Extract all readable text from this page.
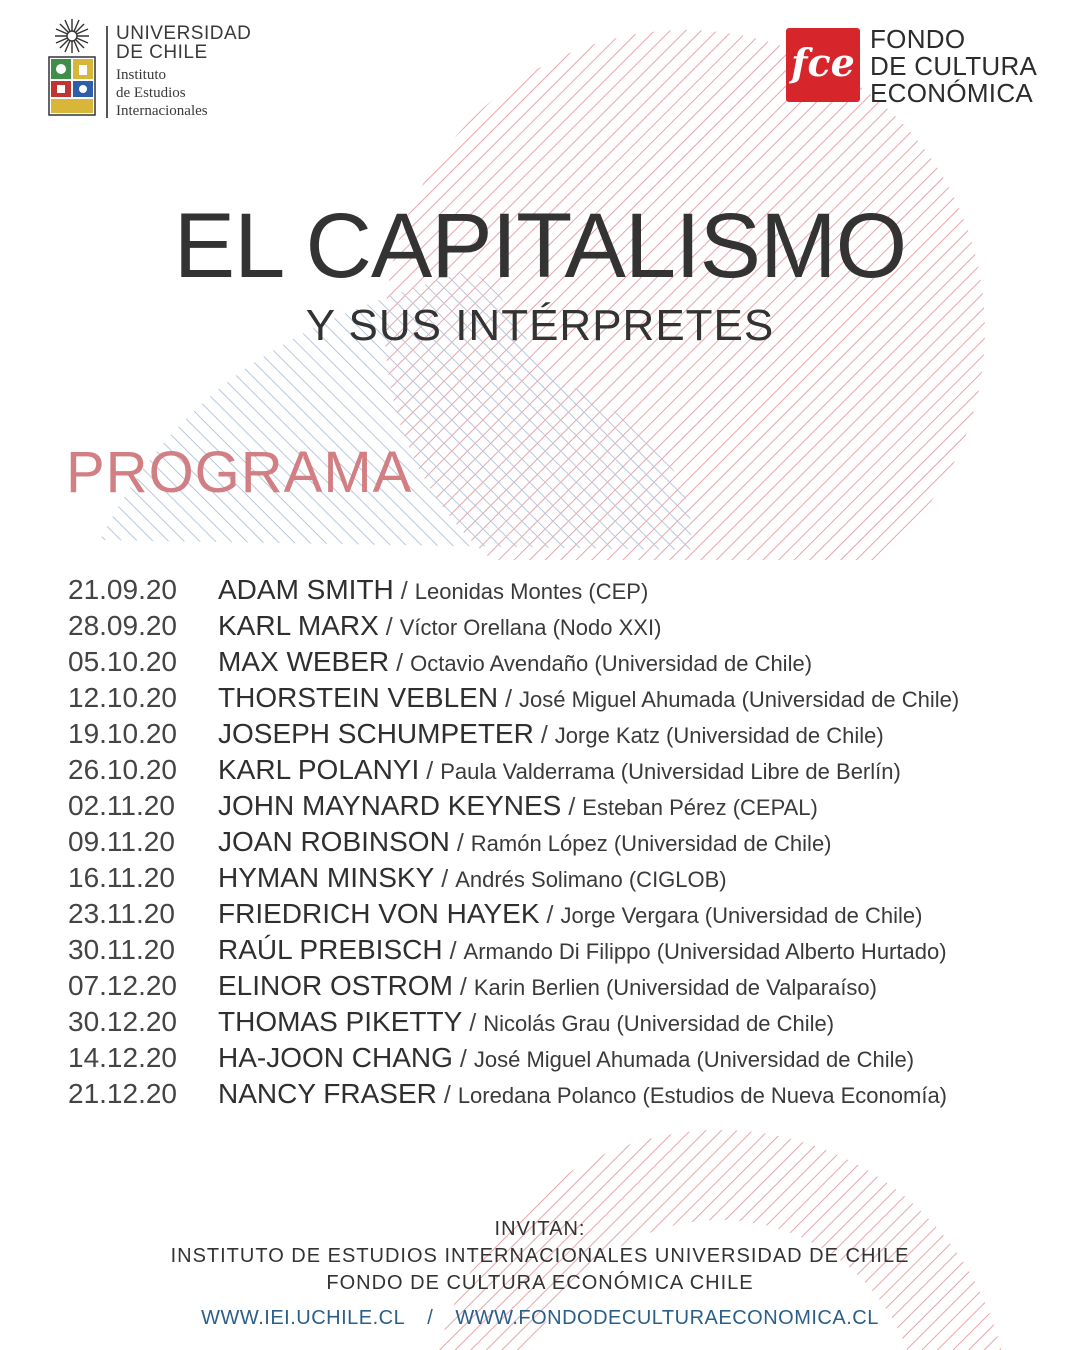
UNIVERSIDAD
DE CHILE
Instituto
de Estudios
Internacionales
fce
FONDO
DE CULTURA
ECONÓMICA
EL CAPITALISMO
Y SUS INTÉRPRETES
PROGRAMA
21.09.20	ADAM SMITH / Leonidas Montes (CEP)
28.09.20	KARL MARX / Víctor Orellana (Nodo XXI)
05.10.20	MAX WEBER / Octavio Avendaño (Universidad de Chile)
12.10.20	THORSTEIN VEBLEN / José Miguel Ahumada (Universidad de Chile)
19.10.20	JOSEPH SCHUMPETER / Jorge Katz (Universidad de Chile)
26.10.20	KARL POLANYI / Paula Valderrama (Universidad Libre de Berlín)
02.11.20	JOHN MAYNARD KEYNES / Esteban Pérez (CEPAL)
09.11.20	JOAN ROBINSON / Ramón López (Universidad de Chile)
16.11.20	HYMAN MINSKY / Andrés Solimano (CIGLOB)
23.11.20	FRIEDRICH VON HAYEK / Jorge Vergara (Universidad de Chile)
30.11.20	RAÚL PREBISCH / Armando Di Filippo (Universidad Alberto Hurtado)
07.12.20	ELINOR OSTROM / Karin Berlien (Universidad de Valparaíso)
30.12.20	THOMAS PIKETTY / Nicolás Grau (Universidad de Chile)
14.12.20	HA-JOON CHANG / José Miguel Ahumada (Universidad de Chile)
21.12.20	NANCY FRASER / Loredana Polanco (Estudios de Nueva Economía)
INVITAN:
INSTITUTO DE ESTUDIOS INTERNACIONALES UNIVERSIDAD DE CHILE
FONDO DE CULTURA ECONÓMICA CHILE
WWW.IEI.UCHILE.CL / WWW.FONDODECULTURAECONOMICA.CL
